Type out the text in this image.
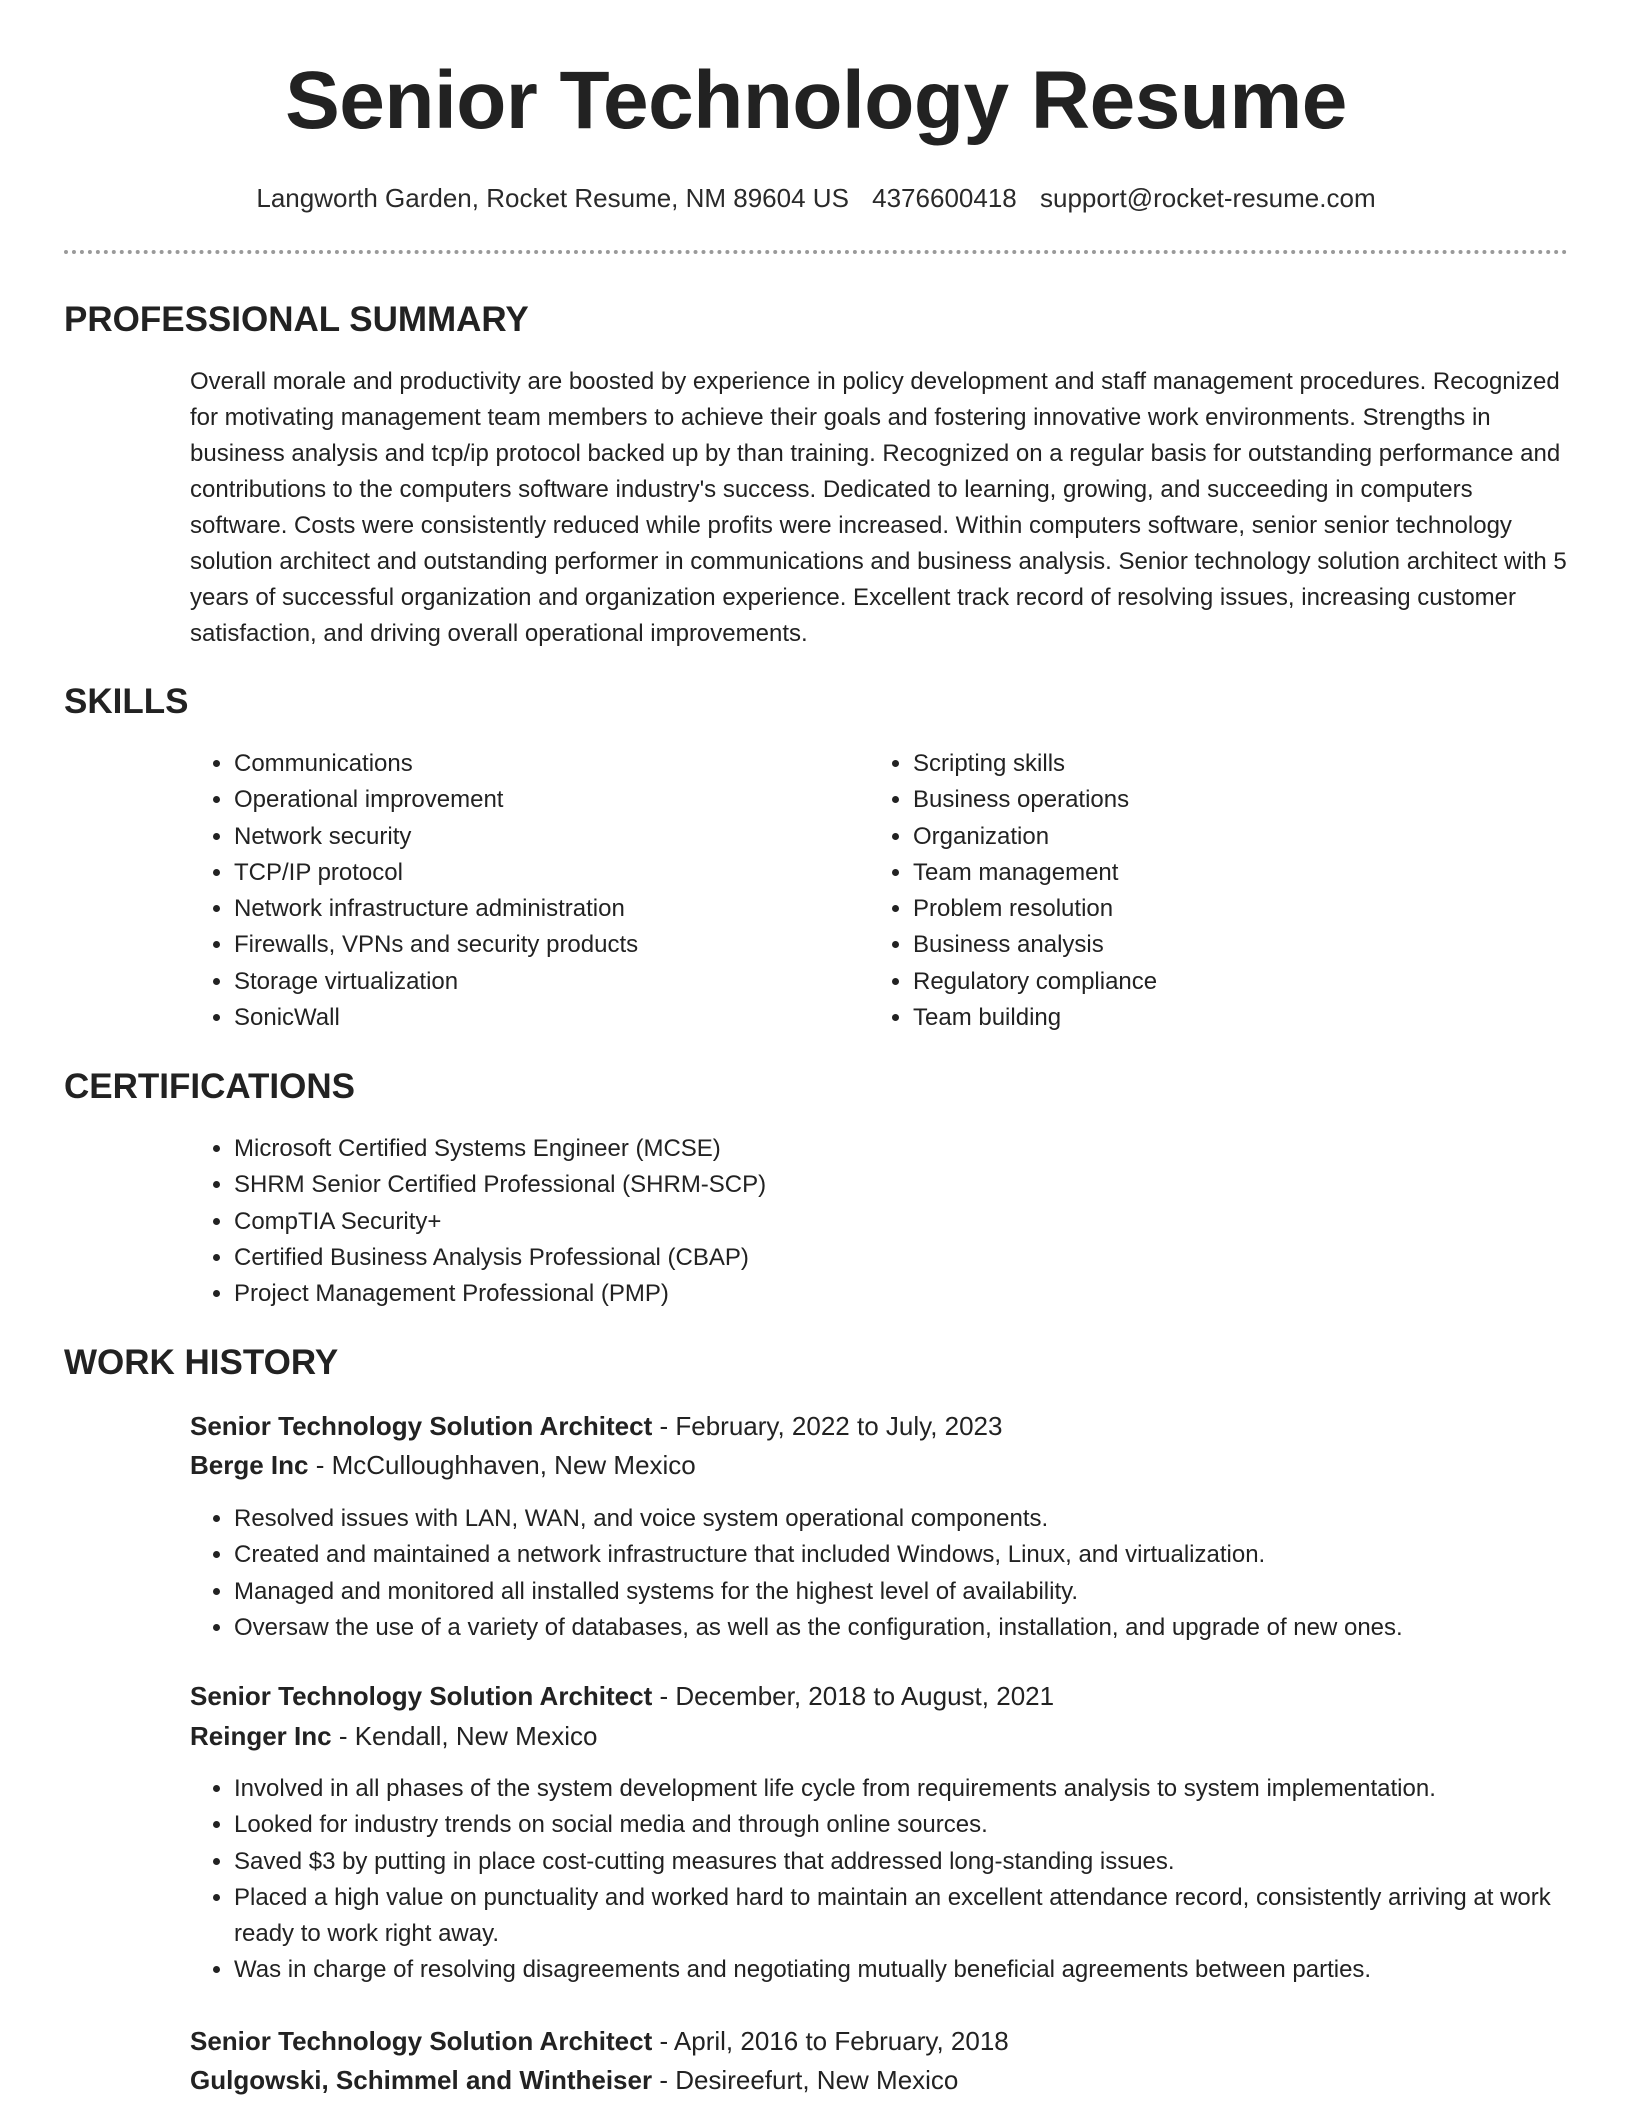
Senior Technology Resume
Langworth Garden, Rocket Resume, NM 89604 US 4376600418 support@rocket-resume.com
PROFESSIONAL SUMMARY

Overall morale and productivity are boosted by experience in policy development and staff management procedures. Recognized for motivating management team members to achieve their goals and fostering innovative work environments. Strengths in business analysis and tcp/ip protocol backed up by than training. Recognized on a regular basis for outstanding performance and contributions to the computers software industry's success. Dedicated to learning, growing, and succeeding in computers software. Costs were consistently reduced while profits were increased. Within computers software, senior senior technology solution architect and outstanding performer in communications and business analysis. Senior technology solution architect with 5 years of successful organization and organization experience. Excellent track record of resolving issues, increasing customer satisfaction, and driving overall operational improvements.

SKILLS
• Communications
• Operational improvement
• Network security
• TCP/IP protocol
• Network infrastructure administration
• Firewalls, VPNs and security products
• Storage virtualization
• SonicWall
• Scripting skills
• Business operations
• Organization
• Team management
• Problem resolution
• Business analysis
• Regulatory compliance
• Team building
CERTIFICATIONS
• Microsoft Certified Systems Engineer (MCSE)
• SHRM Senior Certified Professional (SHRM-SCP)
• CompTIA Security+
• Certified Business Analysis Professional (CBAP)
• Project Management Professional (PMP)
WORK HISTORY
Senior Technology Solution Architect - February, 2022 to July, 2023
Berge Inc - McCulloughhaven, New Mexico
• Resolved issues with LAN, WAN, and voice system operational components.
• Created and maintained a network infrastructure that included Windows, Linux, and virtualization.
• Managed and monitored all installed systems for the highest level of availability.
• Oversaw the use of a variety of databases, as well as the configuration, installation, and upgrade of new ones.
Senior Technology Solution Architect - December, 2018 to August, 2021
Reinger Inc - Kendall, New Mexico
• Involved in all phases of the system development life cycle from requirements analysis to system implementation.
• Looked for industry trends on social media and through online sources.
• Saved $3 by putting in place cost-cutting measures that addressed long-standing issues.
• Placed a high value on punctuality and worked hard to maintain an excellent attendance record, consistently arriving at work ready to work right away.
• Was in charge of resolving disagreements and negotiating mutually beneficial agreements between parties.
Senior Technology Solution Architect - April, 2016 to February, 2018
Gulgowski, Schimmel and Wintheiser - Desireefurt, New Mexico
